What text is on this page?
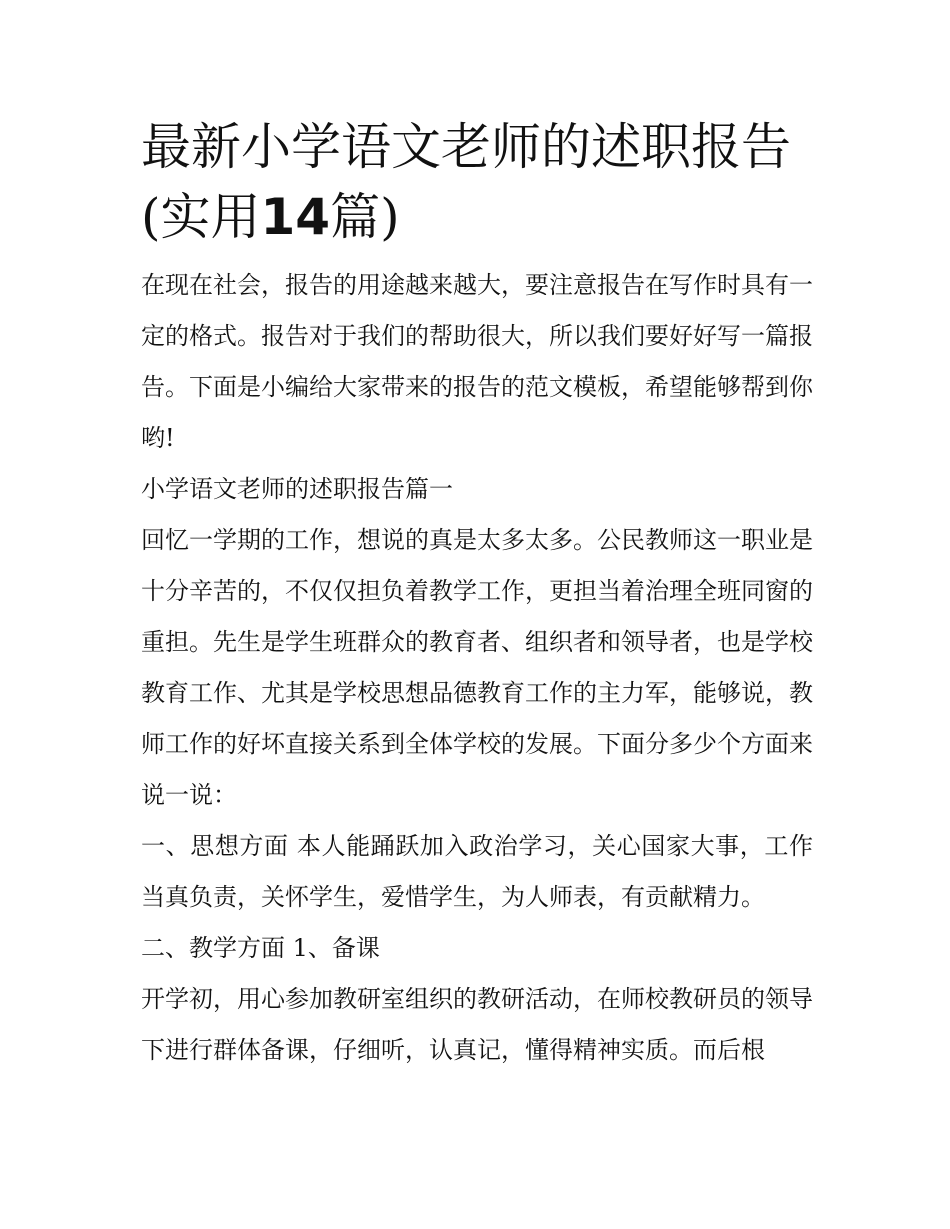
最新小学语文老师的述职报告
(实用14篇)

在现在社会，报告的用途越来越大，要注意报告在写作时具有一定的格式。报告对于我们的帮助很大，所以我们要好好写一篇报告。下面是小编给大家带来的报告的范文模板，希望能够帮到你哟!

小学语文老师的述职报告篇一

回忆一学期的工作，想说的真是太多太多。公民教师这一职业是十分辛苦的，不仅仅担负着教学工作，更担当着治理全班同窗的重担。先生是学生班群众的教育者、组织者和领导者，也是学校教育工作、尤其是学校思想品德教育工作的主力军，能够说，教师工作的好坏直接关系到全体学校的发展。下面分多少个方面来说一说：

一、思想方面 本人能踊跃加入政治学习，关心国家大事，工作当真负责，关怀学生，爱惜学生，为人师表，有贡献精力。

二、教学方面 1、备课

开学初，用心参加教研室组织的教研活动，在师校教研员的领导下进行群体备课，仔细听，认真记，懂得精神实质。而后根
